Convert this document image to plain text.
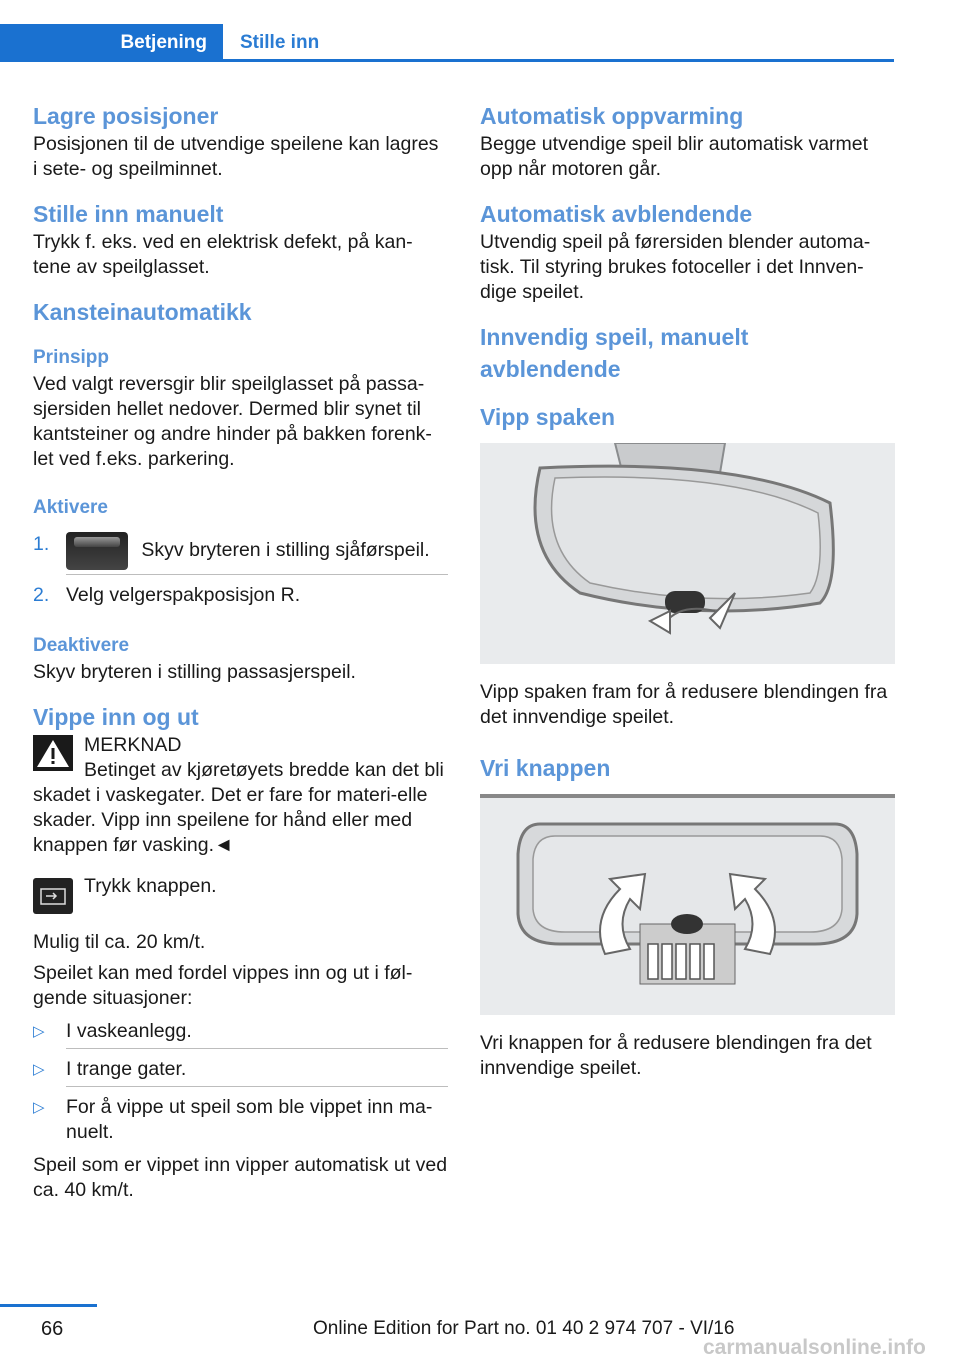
Betjening	Stille inn
Lagre posisjoner

Posisjonen til de utvendige speilene kan lagres i sete- og speilminnet.

Stille inn manuelt

Trykk f. eks. ved en elektrisk defekt, på kan-tene av speilglasset.

Kansteinautomatikk
Prinsipp

Ved valgt reversgir blir speilglasset på passa-sjersiden hellet nedover. Dermed blir synet til kantsteiner og andre hinder på bakken forenk-let ved f.eks. parkering.

Aktivere
1.	Skyv bryteren i stilling sjåførspeil.
2. Velg velgerspakposisjon R.
Deaktivere

Skyv bryteren i stilling passasjerspeil.

Vippe inn og ut
MERKNAD

Betinget av kjøretøyets bredde kan det bli skadet i vaskegater. Det er fare for materi-elle skader. Vipp inn speilene for hånd eller med knappen før vasking.◄

Trykk knappen.

Mulig til ca. 20 km/t.

Speilet kan med fordel vippes inn og ut i føl-gende situasjoner:

▷ I vaskeanlegg.
▷ I trange gater.
▷ For å vippe ut speil som ble vippet inn ma-nuelt.

Speil som er vippet inn vipper automatisk ut ved ca. 40 km/t.

Automatisk oppvarming

Begge utvendige speil blir automatisk varmet opp når motoren går.

Automatisk avblendende

Utvendig speil på førersiden blender automa-tisk. Til styring brukes fotoceller i det Innven-dige speilet.

Innvendig speil, manuelt avblendende
Vipp spaken

Vipp spaken fram for å redusere blendingen fra det innvendige speilet.

Vri knappen

Vri knappen for å redusere blendingen fra det innvendige speilet.

66	Online Edition for Part no. 01 40 2 974 707 - VI/16
carmanualsonline.info
